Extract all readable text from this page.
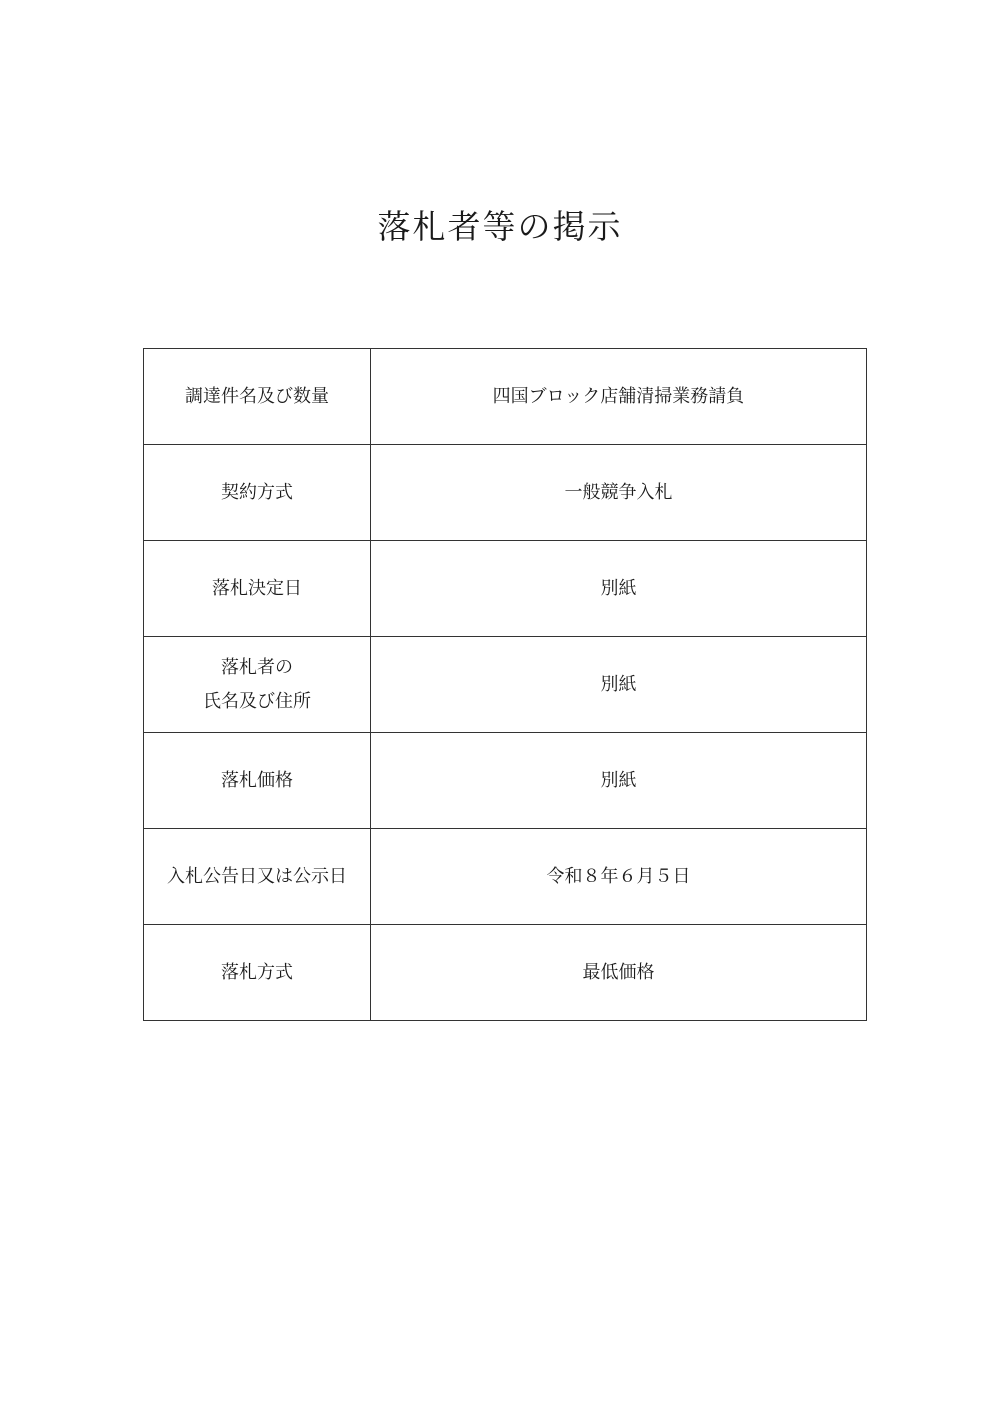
落札者等の掲示
調達件名及び数量	四国ブロック店舗清掃業務請負
契約方式	一般競争入札
落札決定日	別紙

落札者の
氏名及び住所	別紙
落札価格	別紙
入札公告日又は公示日	令和８年６月５日
落札方式	最低価格
